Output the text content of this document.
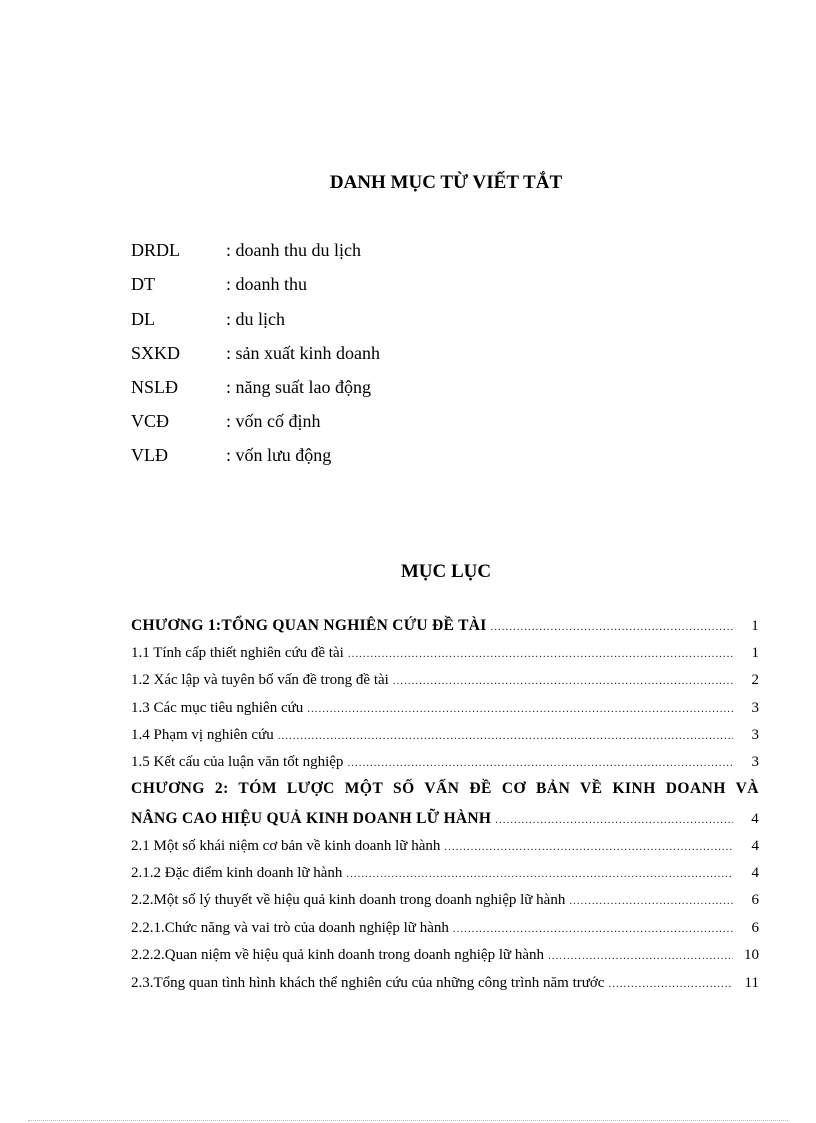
DANH MỤC TỪ VIẾT TẮT
DRDL	: doanh thu du lịch
DT	: doanh thu
DL	: du lịch
SXKD	: sản xuất kinh doanh
NSLĐ	: năng suất lao động
VCĐ	: vốn cố định
VLĐ	: vốn lưu động
MỤC LỤC
CHƯƠNG 1:TỔNG QUAN NGHIÊN CỨU ĐỀ TÀI .....	1
1.1 Tính cấp thiết nghiên cứu đề tài .....	1
1.2 Xác lập và tuyên bố vấn đề trong đề tài .....	2
1.3 Các mục tiêu nghiên cứu .....	3
1.4 Phạm vị nghiên cứu .....	3
1.5 Kết cấu của luận văn tốt nghiệp .....	3
CHƯƠNG 2: TÓM LƯỢC MỘT SỐ VẤN ĐỀ CƠ BẢN VỀ KINH DOANH VÀ
NÂNG CAO HIỆU QUẢ KINH DOANH LỮ HÀNH .....	4
2.1 Một số khái niệm cơ bản về kinh doanh lữ hành .....	4
2.1.2 Đặc điểm kinh doanh lữ hành .....	4
2.2.Một số lý thuyết về hiệu quả kinh doanh trong doanh nghiệp lữ hành .....	6
2.2.1.Chức năng và vai trò của doanh nghiệp lữ hành .....	6
2.2.2.Quan niệm về hiệu quả kinh doanh trong doanh nghiệp lữ hành .....	10
2.3.Tổng quan tình hình khách thể nghiên cứu của những công trình năm trước .....	11
